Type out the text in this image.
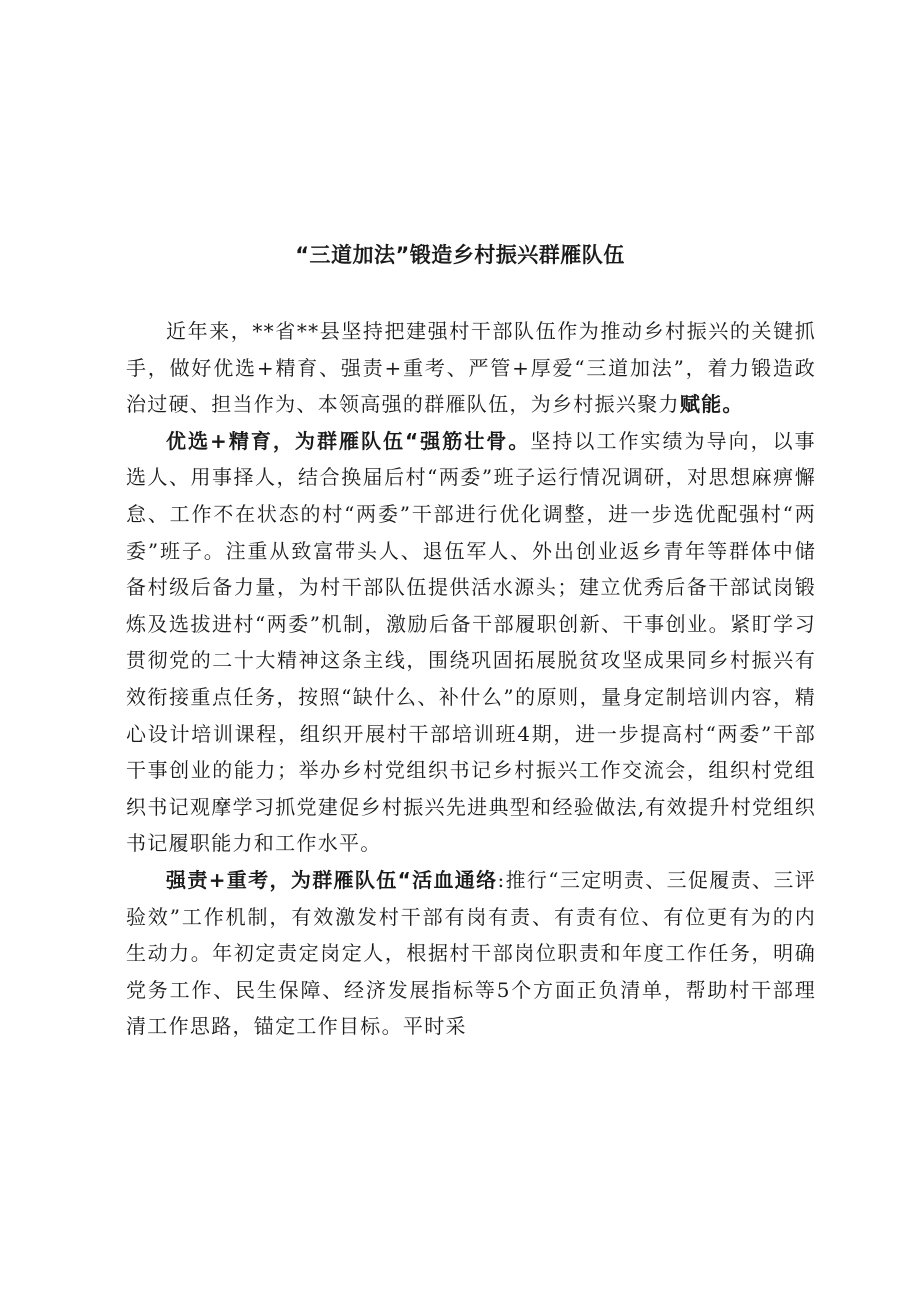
“三道加法”锻造乡村振兴群雁队伍

近年来，**省**县坚持把建强村干部队伍作为推动乡村振兴的关键抓手，做好优选+精育、强责+重考、严管+厚爱“三道加法”，着力锻造政治过硬、担当作为、本领高强的群雁队伍，为乡村振兴聚力赋能。

优选+精育，为群雁队伍“强筋壮骨。坚持以工作实绩为导向，以事选人、用事择人，结合换届后村“两委”班子运行情况调研，对思想麻痹懈怠、工作不在状态的村“两委”干部进行优化调整，进一步选优配强村“两委”班子。注重从致富带头人、退伍军人、外出创业返乡青年等群体中储备村级后备力量，为村干部队伍提供活水源头；建立优秀后备干部试岗锻炼及选拔进村“两委”机制，激励后备干部履职创新、干事创业。紧盯学习贯彻党的二十大精神这条主线，围绕巩固拓展脱贫攻坚成果同乡村振兴有效衔接重点任务，按照“缺什么、补什么”的原则，量身定制培训内容，精心设计培训课程，组织开展村干部培训班4期，进一步提高村“两委”干部干事创业的能力；举办乡村党组织书记乡村振兴工作交流会，组织村党组织书记观摩学习抓党建促乡村振兴先进典型和经验做法,有效提升村党组织书记履职能力和工作水平。

强责+重考，为群雁队伍“活血通络:推行“三定明责、三促履责、三评验效”工作机制，有效激发村干部有岗有责、有责有位、有位更有为的内生动力。年初定责定岗定人，根据村干部岗位职责和年度工作任务，明确党务工作、民生保障、经济发展指标等5个方面正负清单，帮助村干部理清工作思路，锚定工作目标。平时采
